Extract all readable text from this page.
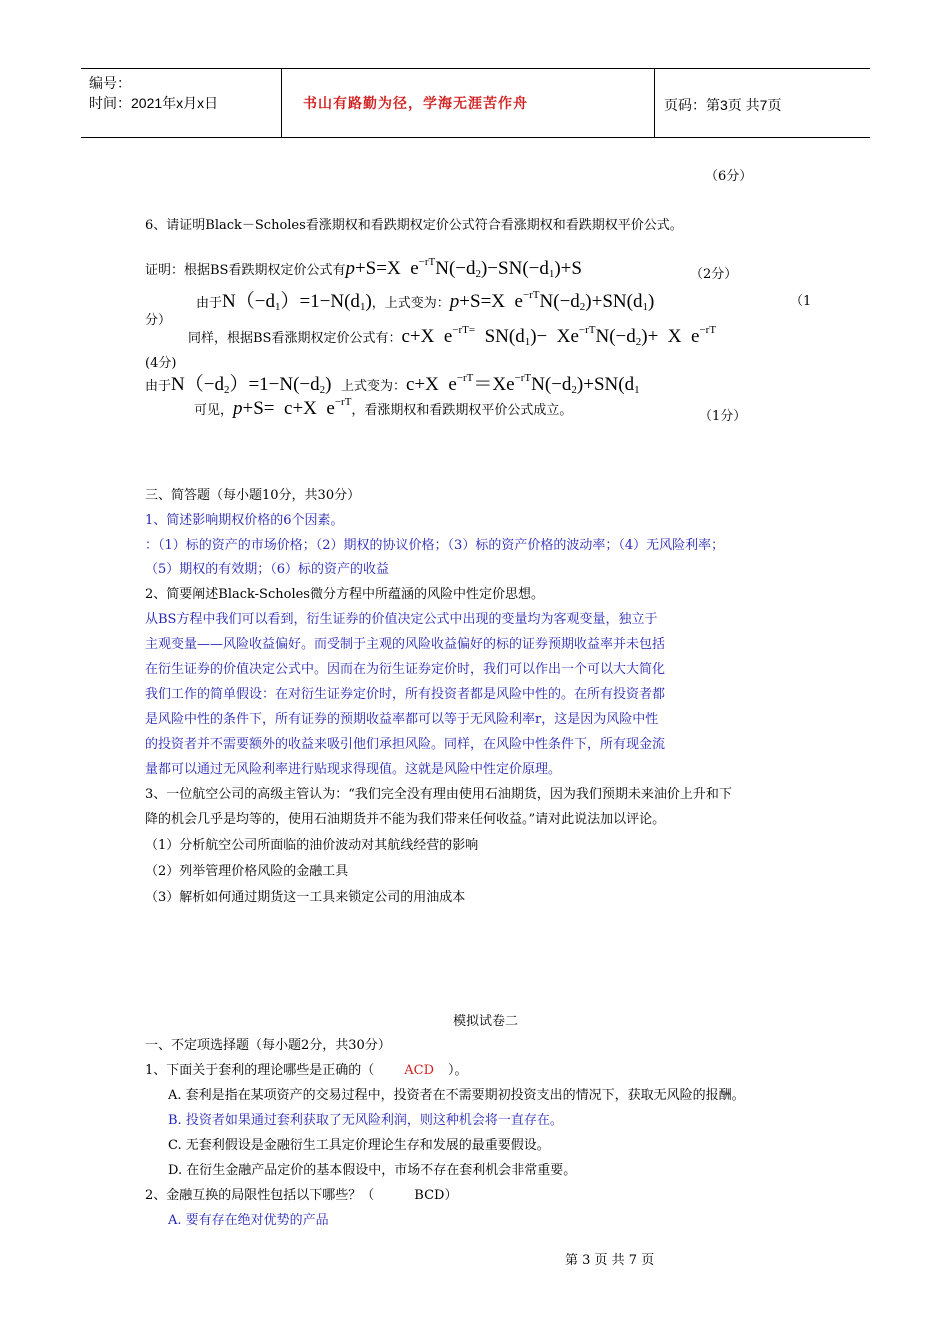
编号：
时间：2021年x月x日	书山有路勤为径，学海无涯苦作舟	页码：第3页 共7页
（6分）
6、请证明Black－Scholes看涨期权和看跌期权定价公式符合看涨期权和看跌期权平价公式。
证明：根据BS看跌期权定价公式有p+S=X  $e^{-rT}N(-d_2)-SN(-d_1)+S$	（2分）
由于$N(-d_1)=1-N(d_1)$，上式变为：p+S=X  $e^{-rT}N(-d_2)+SN(d_1)$	（1
分）
同样，根据BS看涨期权定价公式有：c+X  $e^{-rT=}$  $SN(d_1)- Xe^{-rT}N(-d_2)+ X$  $e^{-rT}$
(4分)
由于$N(-d_2)=1-N(-d_2)$  上式变为：c+X  $e^{-rT}=Xe^{-rT}N(-d_2)+SN(d_1$
可见，p+S=  c+X  $e^{-rT}$，看涨期权和看跌期权平价公式成立。	（1分）
三、简答题（每小题10分，共30分）
1、简述影响期权价格的6个因素。
：（1）标的资产的市场价格；（2）期权的协议价格；（3）标的资产价格的波动率；（4）无风险利率；
（5）期权的有效期；（6）标的资产的收益
2、简要阐述Black-Scholes微分方程中所蕴涵的风险中性定价思想。
从BS方程中我们可以看到，衍生证券的价值决定公式中出现的变量均为客观变量，独立于
主观变量——风险收益偏好。而受制于主观的风险收益偏好的标的证券预期收益率并未包括
在衍生证券的价值决定公式中。因而在为衍生证券定价时，我们可以作出一个可以大大简化
我们工作的简单假设：在对衍生证券定价时，所有投资者都是风险中性的。在所有投资者都
是风险中性的条件下，所有证券的预期收益率都可以等于无风险利率r，这是因为风险中性
的投资者并不需要额外的收益来吸引他们承担风险。同样，在风险中性条件下，所有现金流
量都可以通过无风险利率进行贴现求得现值。这就是风险中性定价原理。
3、一位航空公司的高级主管认为：“我们完全没有理由使用石油期货，因为我们预期未来油价上升和下
降的机会几乎是均等的，使用石油期货并不能为我们带来任何收益。”请对此说法加以评论。
（1）分析航空公司所面临的油价波动对其航线经营的影响
（2）列举管理价格风险的金融工具
（3）解析如何通过期货这一工具来锁定公司的用油成本
模拟试卷二
一、不定项选择题（每小题2分，共30分）
1、下面关于套利的理论哪些是正确的（ ACD ）。
A. 套利是指在某项资产的交易过程中，投资者在不需要期初投资支出的情况下，获取无风险的报酬。
B. 投资者如果通过套利获取了无风险利润，则这种机会将一直存在。
C. 无套利假设是金融衍生工具定价理论生存和发展的最重要假设。
D. 在衍生金融产品定价的基本假设中，市场不存在套利机会非常重要。
2、金融互换的局限性包括以下哪些？（	BCD）
A. 要有存在绝对优势的产品
第 3 页 共 7 页
